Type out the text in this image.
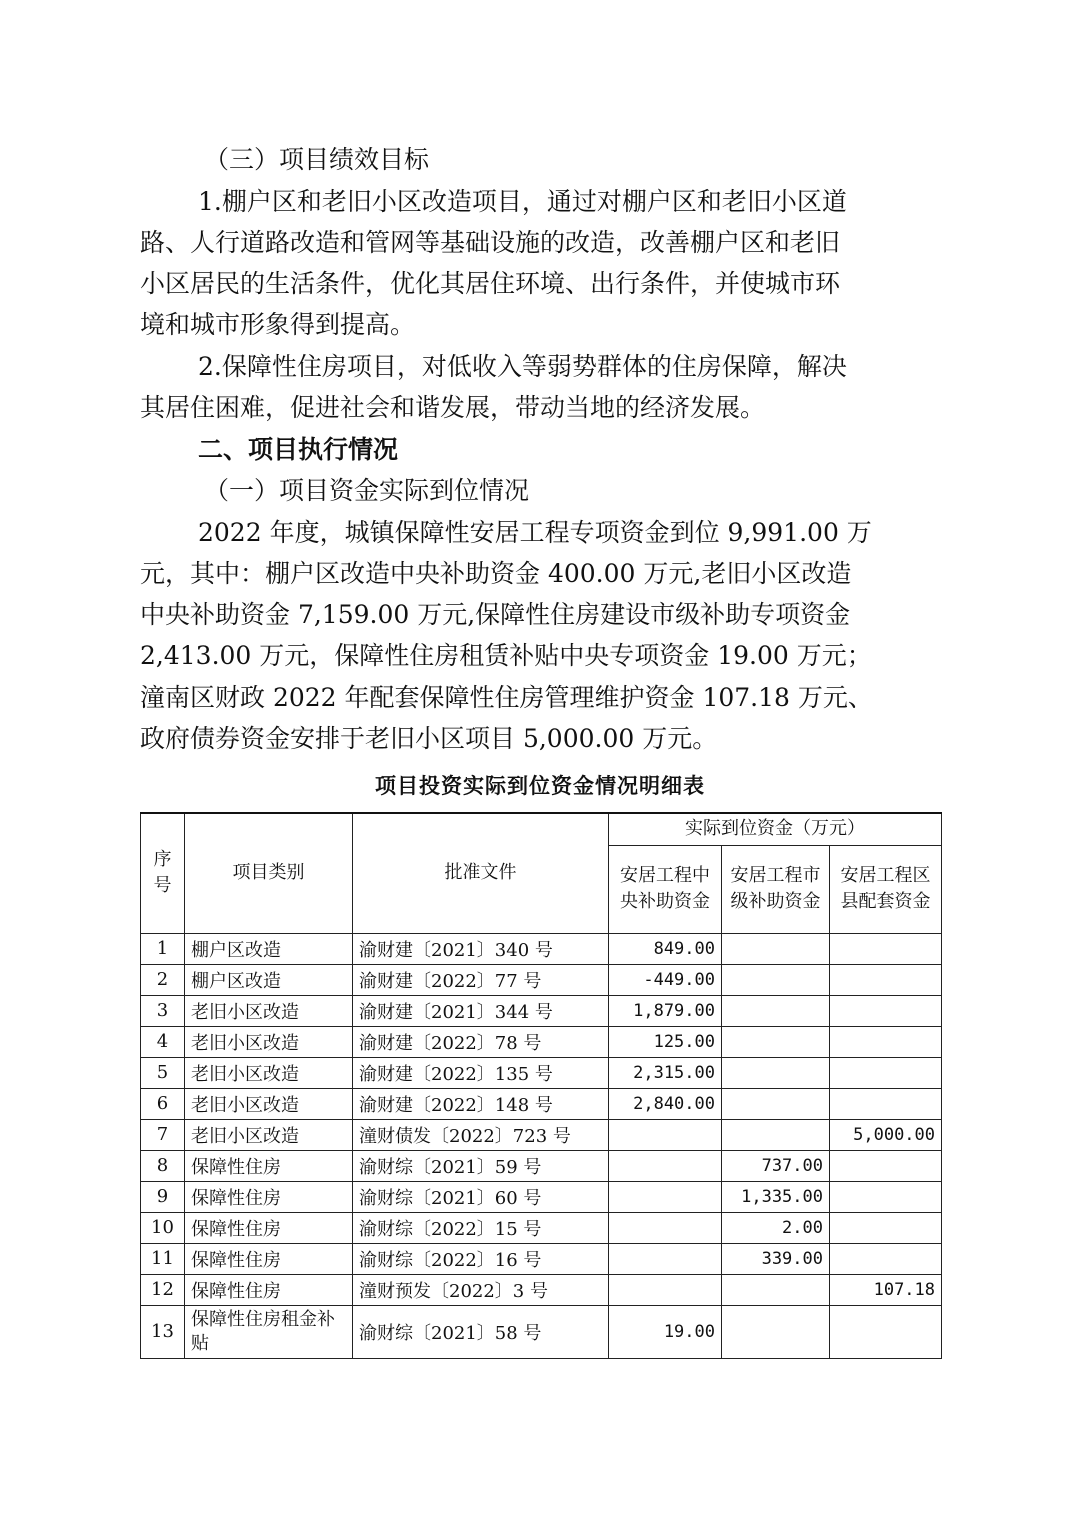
（三）项目绩效目标
1.棚户区和老旧小区改造项目，通过对棚户区和老旧小区道
路、人行道路改造和管网等基础设施的改造，改善棚户区和老旧
小区居民的生活条件，优化其居住环境、出行条件，并使城市环
境和城市形象得到提高。
2.保障性住房项目，对低收入等弱势群体的住房保障，解决
其居住困难，促进社会和谐发展，带动当地的经济发展。
二、项目执行情况
（一）项目资金实际到位情况
2022 年度，城镇保障性安居工程专项资金到位 9,991.00 万
元，其中：棚户区改造中央补助资金 400.00 万元,老旧小区改造
中央补助资金 7,159.00 万元,保障性住房建设市级补助专项资金
2,413.00 万元，保障性住房租赁补贴中央专项资金 19.00 万元；
潼南区财政 2022 年配套保障性住房管理维护资金 107.18 万元、
政府债券资金安排于老旧小区项目 5,000.00 万元。
项目投资实际到位资金情况明细表
序号	项目类别	批准文件	实际到位资金（万元）		
			安居工程中央补助资金	安居工程市级补助资金	安居工程区县配套资金
1	棚户区改造	渝财建〔2021〕340 号	849.00		
2	棚户区改造	渝财建〔2022〕77 号	-449.00		
3	老旧小区改造	渝财建〔2021〕344 号	1,879.00		
4	老旧小区改造	渝财建〔2022〕78 号	125.00		
5	老旧小区改造	渝财建〔2022〕135 号	2,315.00		
6	老旧小区改造	渝财建〔2022〕148 号	2,840.00		
7	老旧小区改造	潼财债发〔2022〕723 号			5,000.00
8	保障性住房	渝财综〔2021〕59 号		737.00	
9	保障性住房	渝财综〔2021〕60 号		1,335.00	
10	保障性住房	渝财综〔2022〕15 号		2.00	
11	保障性住房	渝财综〔2022〕16 号		339.00	
12	保障性住房	潼财预发〔2022〕3 号			107.18
13	保障性住房租金补贴	渝财综〔2021〕58 号	19.00		
